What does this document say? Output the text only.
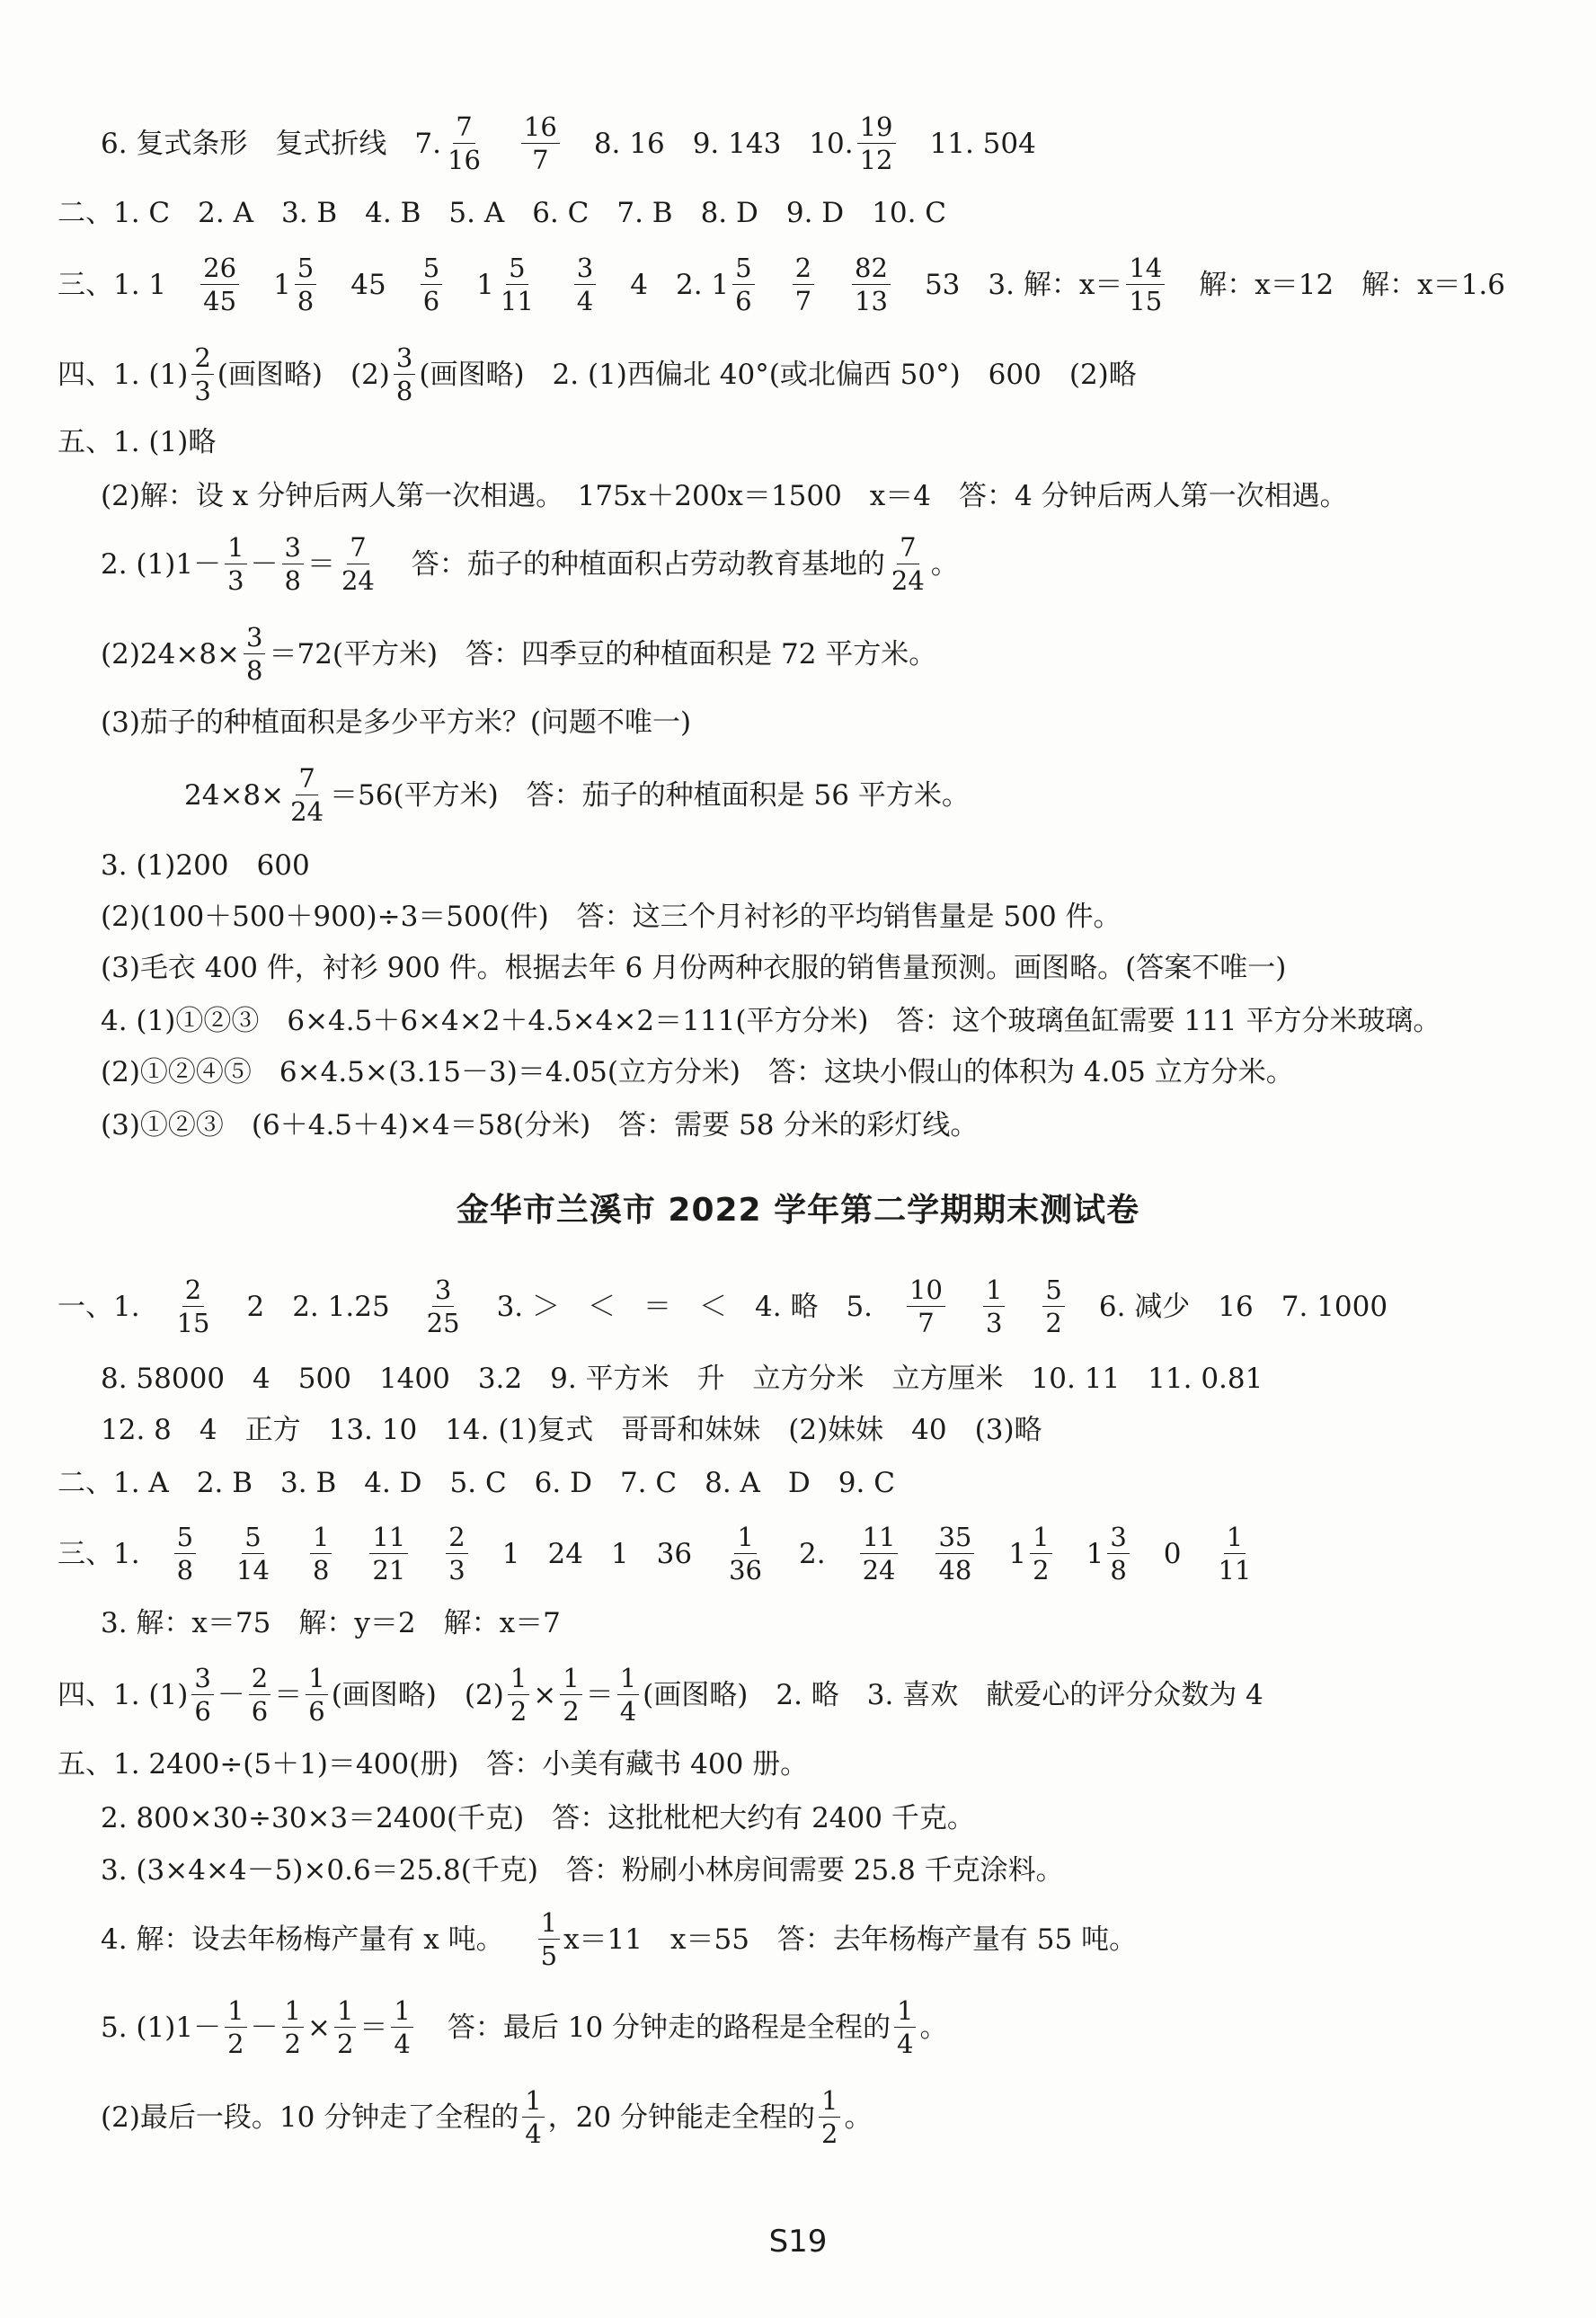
6. 复式条形　复式折线　7. $\frac{7}{16} \frac{16}{7} 8$. 16　9. 143　10. $\frac{19}{12} 11$. 504
二、1. C　2. A　3. B　4. B　5. A　6. C　7. B　8. D　9. D　10. C
三、1. $1 \frac{26}{45} 1 \frac{5}{8} 45 \frac{5}{6} 1 \frac{5}{11} \frac{3}{4} 4$　2. $1 \frac{5}{6} \frac{2}{7} \frac{82}{13} 53$　3. 解：$x= \frac{14}{15}$ 解：x＝12　解：x＝1.6
四、1. $(1) \frac{2}{3}$ (画图略)　$(2) \frac{3}{8}$ (画图略)　2. (1)西偏北 40°(或北偏西 50°)　600　(2)略
五、1. (1)略
(2)解：设 x 分钟后两人第一次相遇。　175x＋200x＝1500　x＝4　答：4 分钟后两人第一次相遇。
2. $(1)1- \frac{1}{3} - \frac{3}{8} = \frac{7}{24}$ 答：茄子的种植面积占劳动教育基地的 $\frac{7}{24}$ 。
$(2)24\times 8\times \frac{3}{8} =72$(平方米)　答：四季豆的种植面积是 72 平方米。
(3)茄子的种植面积是多少平方米？(问题不唯一)
$24\times 8\times \frac{7}{24} =56$(平方米)　答：茄子的种植面积是 56 平方米。
3. (1)200　600
(2)(100＋500＋900)÷3＝500(件)　答：这三个月衬衫的平均销售量是 500 件。
(3)毛衣 400 件，衬衫 900 件。根据去年 6 月份两种衣服的销售量预测。画图略。(答案不唯一)
4. (1)①②③　6×4.5＋6×4×2＋4.5×4×2＝111(平方分米)　答：这个玻璃鱼缸需要 111 平方分米玻璃。
(2)①②④⑤　6×4.5×(3.15－3)＝4.05(立方分米)　答：这块小假山的体积为 4.05 立方分米。
(3)①②③　(6＋4.5＋4)×4＝58(分米)　答：需要 58 分米的彩灯线。
金华市兰溪市 2022 学年第二学期期末测试卷
一、1. $\frac{2}{15} 2$　2. $1.25 \frac{3}{25} 3$. ＞　＜　＝　＜　4. 略　5. $\frac{10}{7} \frac{1}{3} \frac{5}{2} 6$. 减少　16　7. 1000
8. 58000　4　500　1400　3.2　9. 平方米　升　立方分米　立方厘米　10. 11　11. 0.81
12. 8　4　正方　13. 10　14. (1)复式　哥哥和妹妹　(2)妹妹　40　(3)略
二、1. A　2. B　3. B　4. D　5. C　6. D　7. C　8. A　D　9. C
三、1. $\frac{5}{8} \frac{5}{14} \frac{1}{8} \frac{11}{21} \frac{2}{3} 1$　24　1　$36 \frac{1}{36} 2$. $\frac{11}{24} \frac{35}{48} 1 \frac{1}{2} 1 \frac{3}{8} 0 \frac{1}{11}$
3. 解：x＝75　解：y＝2　解：x＝7
四、1. $(1) \frac{3}{6} - \frac{2}{6} = \frac{1}{6}$ (画图略)　$(2) \frac{1}{2} \times \frac{1}{2} = \frac{1}{4}$ (画图略)　2. 略　3. 喜欢　献爱心的评分众数为 4
五、1. 2400÷(5＋1)＝400(册)　答：小美有藏书 400 册。
2. 800×30÷30×3＝2400(千克)　答：这批枇杷大约有 2400 千克。
3. (3×4×4－5)×0.6＝25.8(千克)　答：粉刷小林房间需要 25.8 千克涂料。
4. 解：设去年杨梅产量有 x 吨。 $\frac{1}{5} x=11$　x＝55　答：去年杨梅产量有 55 吨。
5. $(1)1- \frac{1}{2} - \frac{1}{2} \times \frac{1}{2} = \frac{1}{4}$ 答：最后 10 分钟走的路程是全程的 $\frac{1}{4}$ 。
(2)最后一段。10 分钟走了全程的 $\frac{1}{4}$ ，20 分钟能走全程的 $\frac{1}{2}$ 。
S19
